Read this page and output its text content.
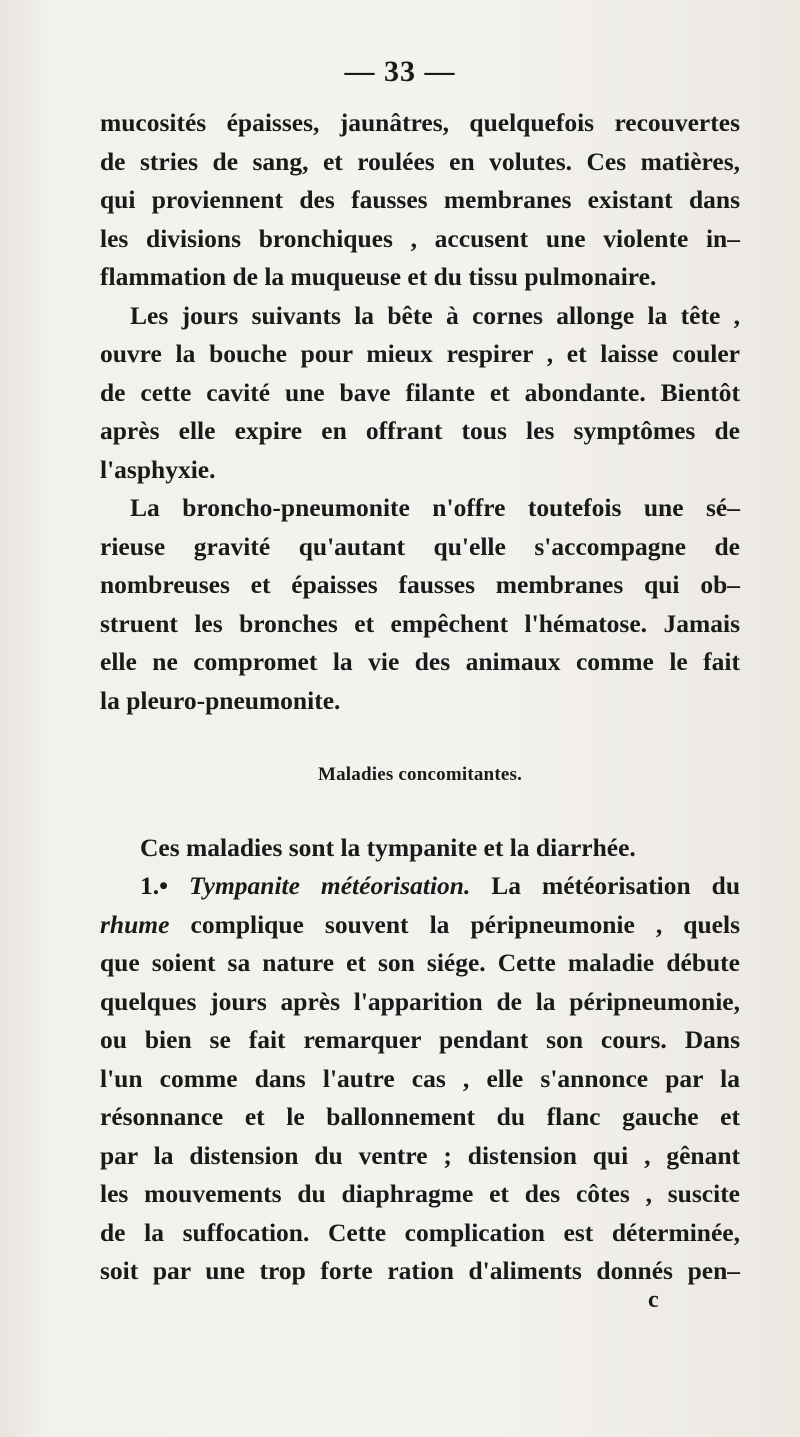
— 33 —
mucosités épaisses, jaunâtres, quelquefois recouvertes
de stries de sang, et roulées en volutes. Ces matières,
qui proviennent des fausses membranes existant dans
les divisions bronchiques , accusent une violente in–
flammation de la muqueuse et du tissu pulmonaire.
Les jours suivants la bête à cornes allonge la tête ,
ouvre la bouche pour mieux respirer , et laisse couler
de cette cavité une bave filante et abondante. Bientôt
après elle expire en offrant tous les symptômes de
l'asphyxie.
La broncho-pneumonite n'offre toutefois une sé–
rieuse gravité qu'autant qu'elle s'accompagne de
nombreuses et épaisses fausses membranes qui ob–
struent les bronches et empêchent l'hématose. Jamais
elle ne compromet la vie des animaux comme le fait
la pleuro-pneumonite.
Maladies concomitantes.
Ces maladies sont la tympanite et la diarrhée.
1.• Tympanite météorisation. La météorisation du
rhume complique souvent la péripneumonie , quels
que soient sa nature et son siége. Cette maladie débute
quelques jours après l'apparition de la péripneumonie,
ou bien se fait remarquer pendant son cours. Dans
l'un comme dans l'autre cas , elle s'annonce par la
résonnance et le ballonnement du flanc gauche et
par la distension du ventre ; distension qui , gênant
les mouvements du diaphragme et des côtes , suscite
de la suffocation. Cette complication est déterminée,
soit par une trop forte ration d'aliments donnés pen–
c
